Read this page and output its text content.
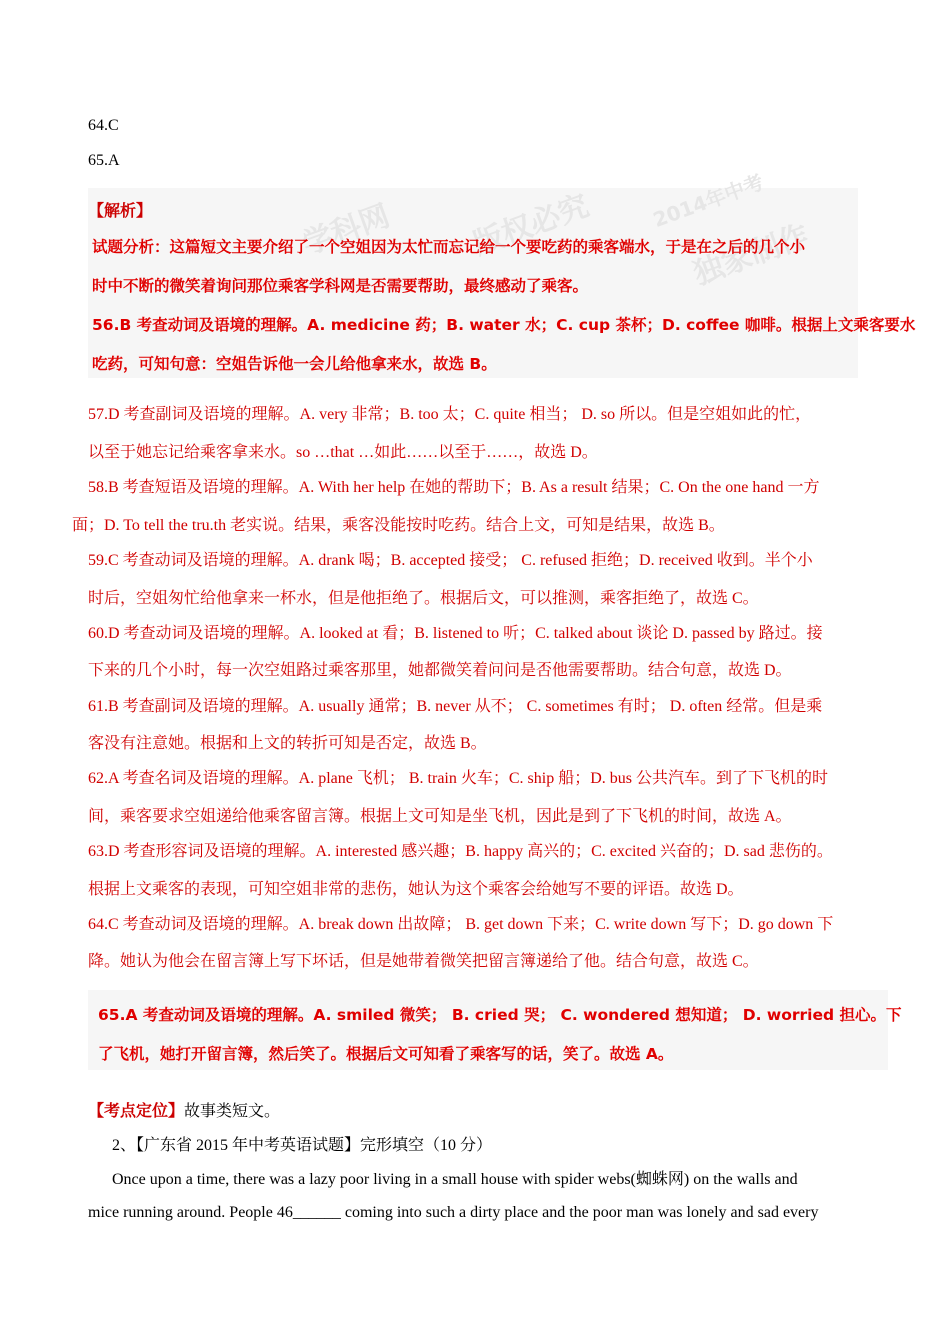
学科网 版权必究	独家制作
2014年中考
64.C
65.A
【解析】
试题分析：这篇短文主要介绍了一个空姐因为太忙而忘记给一个要吃药的乘客端水，于是在之后的几个小
时中不断的微笑着询问那位乘客学科网是否需要帮助，最终感动了乘客。
56.B 考查动词及语境的理解。A. medicine 药；B. water 水；C. cup 茶杯；D. coffee 咖啡。根据上文乘客要水
吃药，可知句意：空姐告诉他一会儿给他拿来水，故选 B。
57.D 考查副词及语境的理解。A. very 非常；B. too 太；C. quite 相当； D. so 所以。但是空姐如此的忙，
以至于她忘记给乘客拿来水。so …that …如此……以至于……，故选 D。
58.B 考查短语及语境的理解。A. With her help 在她的帮助下；B. As a result 结果；C. On the one hand 一方
面；D. To tell the tru.th 老实说。结果，乘客没能按时吃药。结合上文，可知是结果，故选 B。
59.C 考查动词及语境的理解。A. drank 喝；B. accepted 接受； C. refused 拒绝；D. received 收到。半个小
时后，空姐匆忙给他拿来一杯水，但是他拒绝了。根据后文，可以推测，乘客拒绝了，故选 C。
60.D 考查动词及语境的理解。A. looked at 看；B. listened to 听；C. talked about 谈论 D. passed by 路过。接
下来的几个小时，每一次空姐路过乘客那里，她都微笑着问问是否他需要帮助。结合句意，故选 D。
61.B 考查副词及语境的理解。A. usually 通常；B. never 从不； C. sometimes 有时； D. often 经常。但是乘
客没有注意她。根据和上文的转折可知是否定，故选 B。
62.A 考查名词及语境的理解。A. plane 飞机； B. train 火车；C. ship 船；D. bus 公共汽车。到了下飞机的时
间，乘客要求空姐递给他乘客留言簿。根据上文可知是坐飞机，因此是到了下飞机的时间，故选 A。
63.D 考查形容词及语境的理解。A. interested 感兴趣；B. happy 高兴的；C. excited 兴奋的；D. sad 悲伤的。
根据上文乘客的表现，可知空姐非常的悲伤，她认为这个乘客会给她写不要的评语。故选 D。
64.C 考查动词及语境的理解。A. break down 出故障； B. get down 下来；C. write down 写下；D. go down 下
降。她认为他会在留言簿上写下坏话，但是她带着微笑把留言簿递给了他。结合句意，故选 C。
65.A 考查动词及语境的理解。A. smiled 微笑； B. cried 哭； C. wondered 想知道； D. worried 担心。下
了飞机，她打开留言簿，然后笑了。根据后文可知看了乘客写的话，笑了。故选 A。
【考点定位】故事类短文。
2、【广东省 2015 年中考英语试题】完形填空（10 分）
Once upon a time, there was a lazy poor living in a small house with spider webs(蜘蛛网) on the walls and
mice running around. People 46______ coming into such a dirty place and the poor man was lonely and sad every
